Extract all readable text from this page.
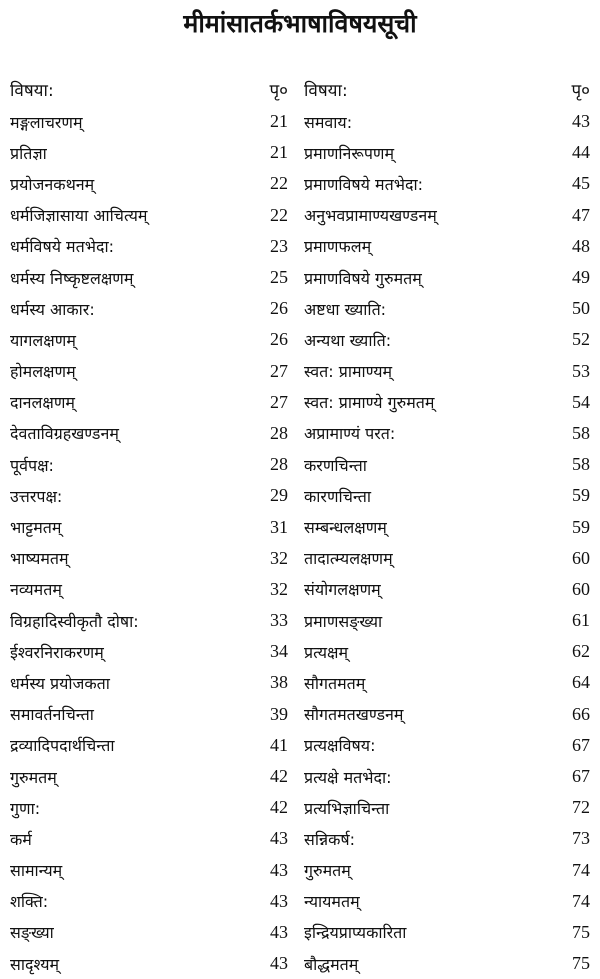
मीमांसातर्कभाषाविषयसूची
विषया:	पृ०
मङ्गलाचरणम्	21
प्रतिज्ञा	21
प्रयोजनकथनम्	22
धर्मजिज्ञासाया आचित्यम्	22
धर्मविषये मतभेदा:	23
धर्मस्य निष्कृष्टलक्षणम्	25
धर्मस्य आकार:	26
यागलक्षणम्	26
होमलक्षणम्	27
दानलक्षणम्	27
देवताविग्रहखण्डनम्	28
पूर्वपक्ष:	28
उत्तरपक्ष:	29
भाट्टमतम्	31
भाष्यमतम्	32
नव्यमतम्	32
विग्रहादिस्वीकृतौ दोषा:	33
ईश्वरनिराकरणम्	34
धर्मस्य प्रयोजकता	38
समावर्तनचिन्ता	39
द्रव्यादिपदार्थचिन्ता	41
गुरुमतम्	42
गुणा:	42
कर्म	43
सामान्यम्	43
शक्ति:	43
सङ्ख्या	43
सादृश्यम्	43
विषया:	पृ०
समवाय:	43
प्रमाणनिरूपणम्	44
प्रमाणविषये मतभेदा:	45
अनुभवप्रामाण्यखण्डनम्	47
प्रमाणफलम्	48
प्रमाणविषये गुरुमतम्	49
अष्टधा ख्याति:	50
अन्यथा ख्याति:	52
स्वत: प्रामाण्यम्	53
स्वत: प्रामाण्ये गुरुमतम्	54
अप्रामाण्यं परत:	58
करणचिन्ता	58
कारणचिन्ता	59
सम्बन्धलक्षणम्	59
तादात्म्यलक्षणम्	60
संयोगलक्षणम्	60
प्रमाणसङ्ख्या	61
प्रत्यक्षम्	62
सौगतमतम्	64
सौगतमतखण्डनम्	66
प्रत्यक्षविषय:	67
प्रत्यक्षे मतभेदा:	67
प्रत्यभिज्ञाचिन्ता	72
सन्निकर्ष:	73
गुरुमतम्	74
न्यायमतम्	74
इन्द्रियप्राप्यकारिता	75
बौद्धमतम्	75
